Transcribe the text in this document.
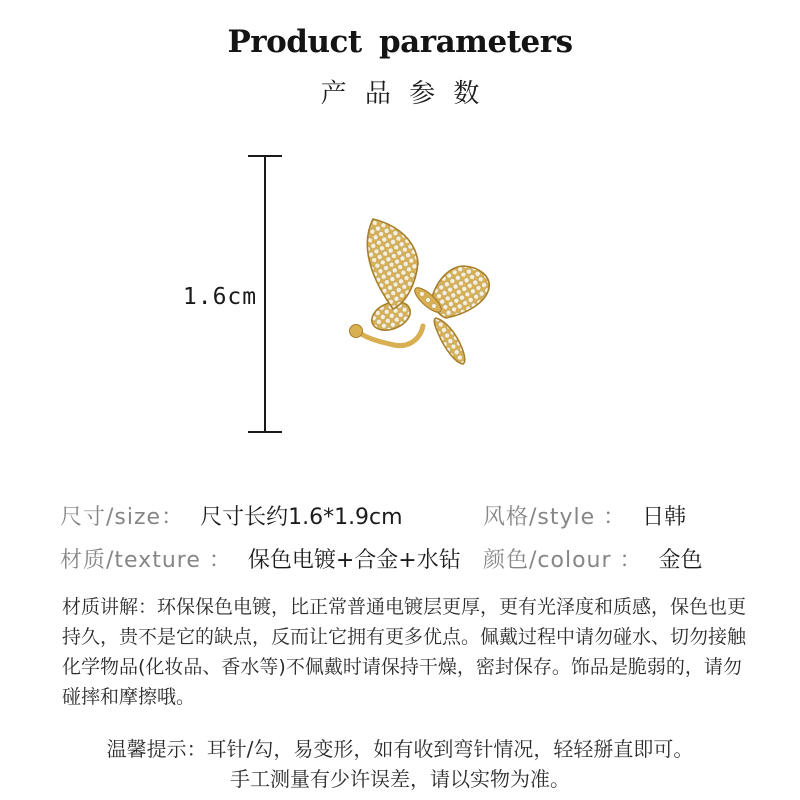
Product parameters
产 品 参 数
1.6cm
尺寸/size： 尺寸长约1.6*1.9cm	风格/style ： 日韩
材质/texture ： 保色电镀+合金+水钻 颜色/colour ： 金色
材质讲解：环保保色电镀，比正常普通电镀层更厚，更有光泽度和质感，保色也更
持久，贵不是它的缺点，反而让它拥有更多优点。佩戴过程中请勿碰水、切勿接触
化学物品(化妆品、香水等)不佩戴时请保持干燥，密封保存。饰品是脆弱的，请勿
碰摔和摩擦哦。
温馨提示：耳针/勾，易变形，如有收到弯针情况，轻轻掰直即可。
手工测量有少许误差，请以实物为准。
